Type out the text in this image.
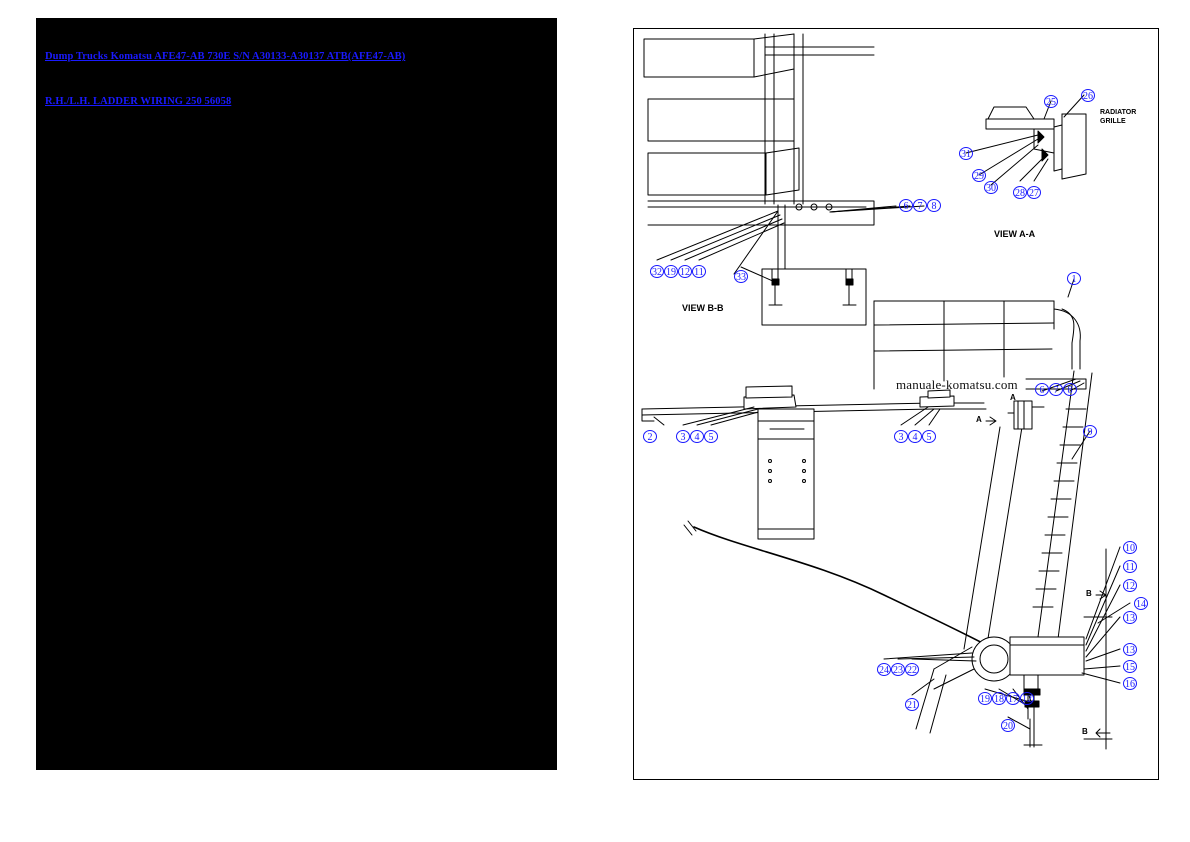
Dump Trucks Komatsu AFE47-AB 730E S/N A30133-A30137 ATB(AFE47-AB)
R.H./L.H. LADDER WIRING 250 56058
manuale-komatsu.com
VIEW A-A
VIEW B-B
RADIATOR
GRILLE
A
A
B
B
1
2	3 4 5	3 4 5
6 7 8
6 7 8
9
10
11
12
13
14
13
15
16
17
18
19	12
20
21
22
23
24
25
26
27
28
29
30
31
32 19 12 11	33
